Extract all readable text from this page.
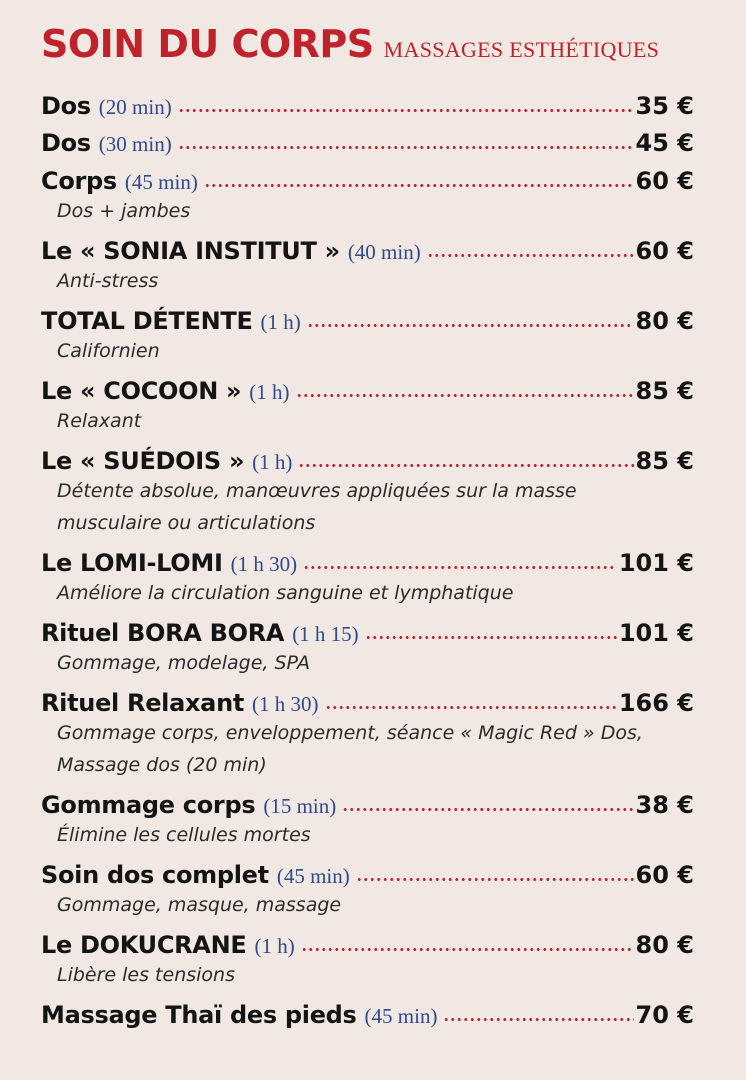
SOIN DU CORPS MASSAGES ESTHÉTIQUES
Dos (20 min)	35 €
Dos (30 min)	45 €
Corps (45 min)	60 €
Dos + jambes
Le « SONIA INSTITUT » (40 min)	60 €
Anti-stress
TOTAL DÉTENTE (1 h)	80 €
Californien
Le « COCOON » (1 h)	85 €
Relaxant
Le « SUÉDOIS » (1 h)	85 €
Détente absolue, manœuvres appliquées sur la masse
musculaire ou articulations
Le LOMI-LOMI (1 h 30)	101 €
Améliore la circulation sanguine et lymphatique
Rituel BORA BORA (1 h 15)	101 €
Gommage, modelage, SPA
Rituel Relaxant (1 h 30)	166 €
Gommage corps, enveloppement, séance « Magic Red » Dos,
Massage dos (20 min)
Gommage corps (15 min)	38 €
Élimine les cellules mortes
Soin dos complet (45 min)	60 €
Gommage, masque, massage
Le DOKUCRANE (1 h)	80 €
Libère les tensions
Massage Thaï des pieds (45 min)	70 €
